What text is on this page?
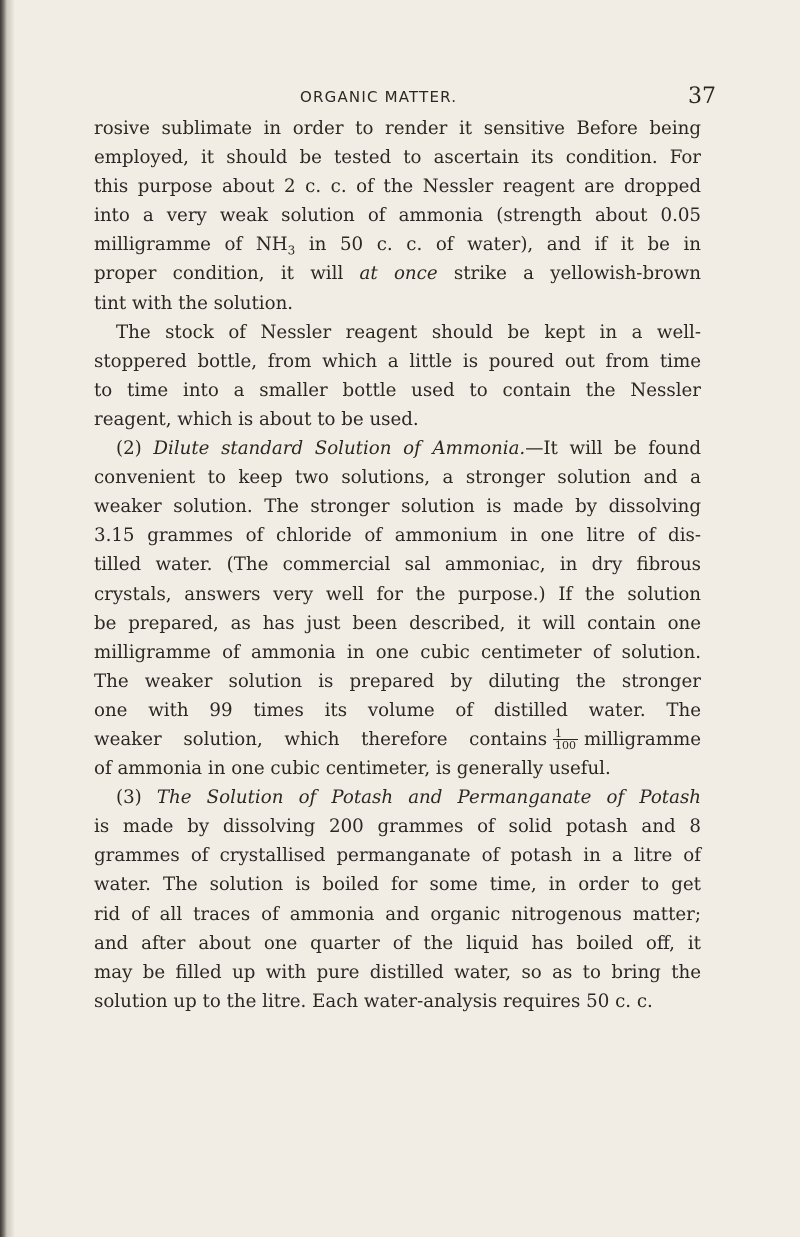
ORGANIC MATTER.	37

rosive sublimate in order to render it sensitive Before being
employed, it should be tested to ascertain its condition. For
this purpose about 2 c. c. of the Nessler reagent are dropped
into a very weak solution of ammonia (strength about 0.05
milligramme of $NH_3$ in 50 c. c. of water), and if it be in
proper condition, it will at once strike a yellowish-brown
tint with the solution.

The stock of Nessler reagent should be kept in a well-
stoppered bottle, from which a little is poured out from time
to time into a smaller bottle used to contain the Nessler
reagent, which is about to be used.

(2) Dilute standard Solution of Ammonia.—It will be found
convenient to keep two solutions, a stronger solution and a
weaker solution. The stronger solution is made by dissolving
3.15 grammes of chloride of ammonium in one litre of dis-
tilled water. (The commercial sal ammoniac, in dry fibrous
crystals, answers very well for the purpose.) If the solution
be prepared, as has just been described, it will contain one
milligramme of ammonia in one cubic centimeter of solution.
The weaker solution is prepared by diluting the stronger
one with 99 times its volume of distilled water. The
weaker solution, which therefore contains $\frac{1}{100}$ milligramme
of ammonia in one cubic centimeter, is generally useful.

(3) The Solution of Potash and Permanganate of Potash
is made by dissolving 200 grammes of solid potash and 8
grammes of crystallised permanganate of potash in a litre of
water. The solution is boiled for some time, in order to get
rid of all traces of ammonia and organic nitrogenous matter;
and after about one quarter of the liquid has boiled off, it
may be filled up with pure distilled water, so as to bring the
solution up to the litre. Each water-analysis requires 50 c. c.
